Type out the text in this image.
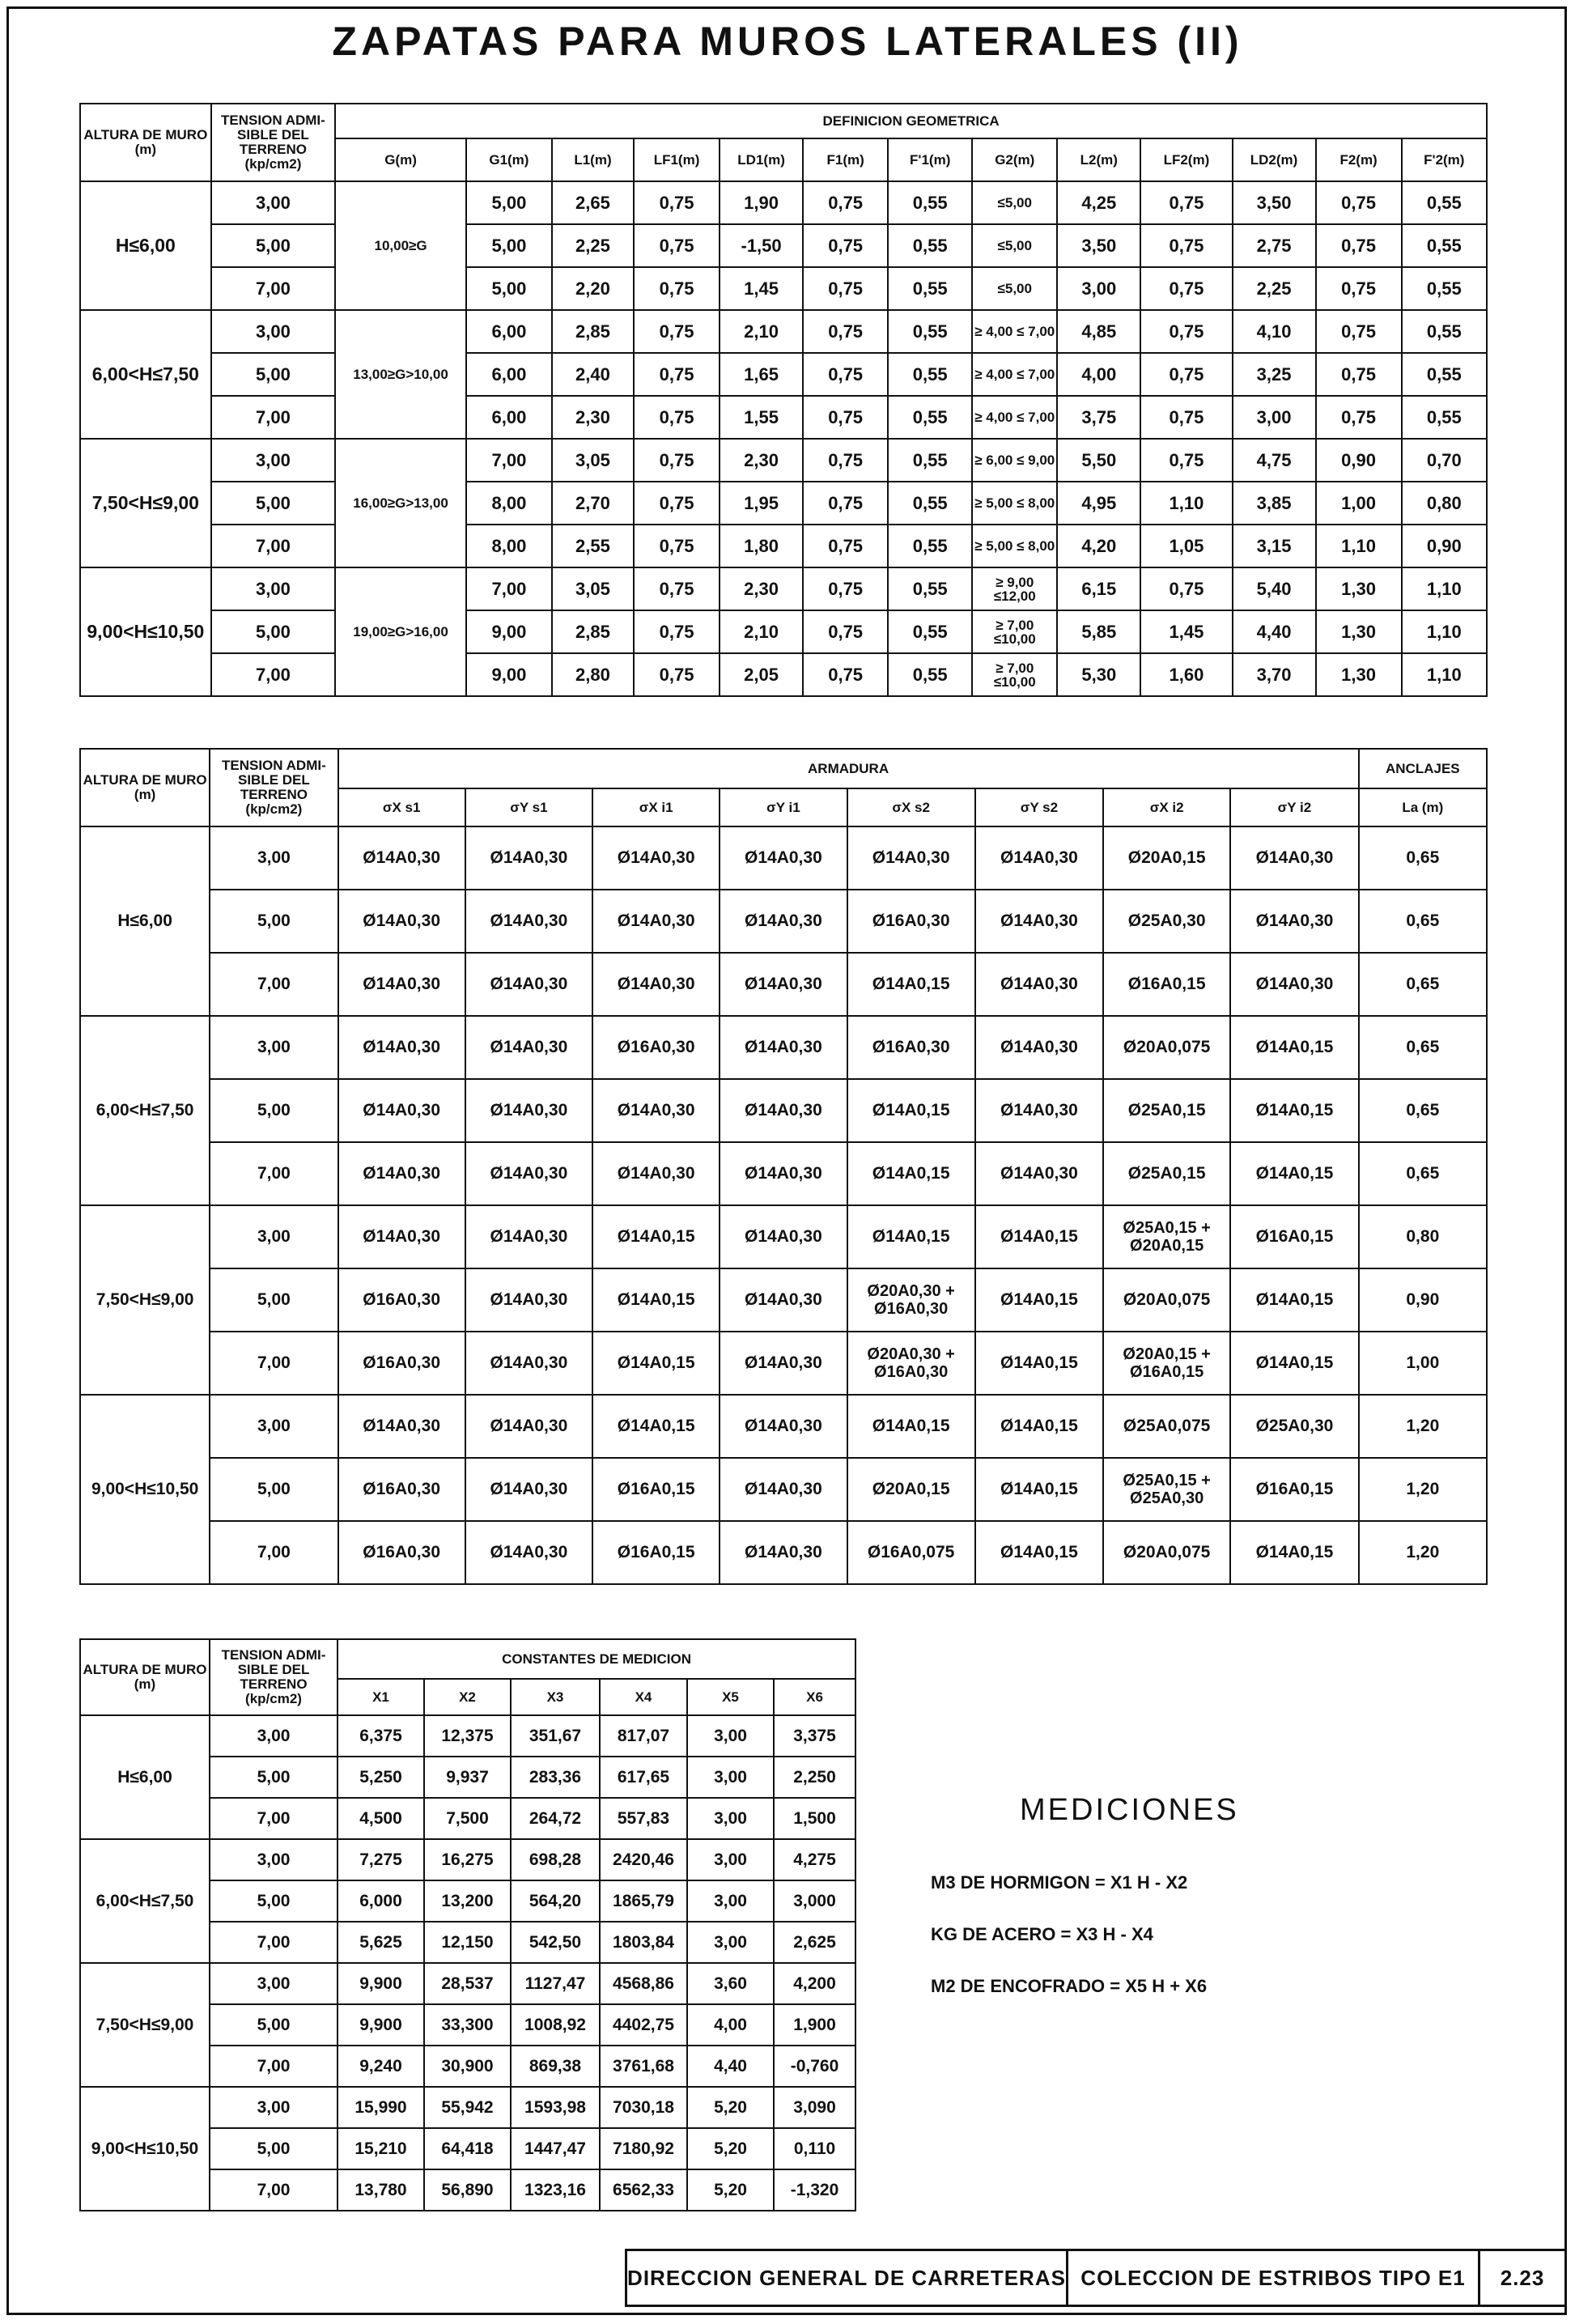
ZAPATAS PARA MUROS LATERALES (II)
ALTURA DE MURO (m)	TENSION ADMI-SIBLE DEL TERRENO (kp/cm2)	DEFINICION GEOMETRICA												
		G(m)	G1(m)	L1(m)	LF1(m)	LD1(m)	F1(m)	F'1(m)	G2(m)	L2(m)	LF2(m)	LD2(m)	F2(m)	F'2(m)
H≤6,00	3,00	10,00≥G	5,00	2,65	0,75	1,90	0,75	0,55	≤5,00	4,25	0,75	3,50	0,75	0,55
	5,00		5,00	2,25	0,75	-1,50	0,75	0,55	≤5,00	3,50	0,75	2,75	0,75	0,55
	7,00		5,00	2,20	0,75	1,45	0,75	0,55	≤5,00	3,00	0,75	2,25	0,75	0,55
6,00<H≤7,50	3,00	13,00≥G>10,00	6,00	2,85	0,75	2,10	0,75	0,55	≥ 4,00 ≤ 7,00	4,85	0,75	4,10	0,75	0,55
	5,00		6,00	2,40	0,75	1,65	0,75	0,55	≥ 4,00 ≤ 7,00	4,00	0,75	3,25	0,75	0,55
	7,00		6,00	2,30	0,75	1,55	0,75	0,55	≥ 4,00 ≤ 7,00	3,75	0,75	3,00	0,75	0,55
7,50<H≤9,00	3,00	16,00≥G>13,00	7,00	3,05	0,75	2,30	0,75	0,55	≥ 6,00 ≤ 9,00	5,50	0,75	4,75	0,90	0,70
	5,00		8,00	2,70	0,75	1,95	0,75	0,55	≥ 5,00 ≤ 8,00	4,95	1,10	3,85	1,00	0,80
	7,00		8,00	2,55	0,75	1,80	0,75	0,55	≥ 5,00 ≤ 8,00	4,20	1,05	3,15	1,10	0,90
9,00<H≤10,50	3,00	19,00≥G>16,00	7,00	3,05	0,75	2,30	0,75	0,55	≥ 9,00 ≤12,00	6,15	0,75	5,40	1,30	1,10
	5,00		9,00	2,85	0,75	2,10	0,75	0,55	≥ 7,00 ≤10,00	5,85	1,45	4,40	1,30	1,10
	7,00		9,00	2,80	0,75	2,05	0,75	0,55	≥ 7,00 ≤10,00	5,30	1,60	3,70	1,30	1,10
ALTURA DE MURO (m)	TENSION ADMI-SIBLE DEL TERRENO (kp/cm2)	ARMADURA								ANCLAJES
		σX s1	σY s1	σX i1	σY i1	σX s2	σY s2	σX i2	σY i2	La (m)
H≤6,00	3,00	Ø14A0,30	Ø14A0,30	Ø14A0,30	Ø14A0,30	Ø14A0,30	Ø14A0,30	Ø20A0,15	Ø14A0,30	0,65
	5,00	Ø14A0,30	Ø14A0,30	Ø14A0,30	Ø14A0,30	Ø16A0,30	Ø14A0,30	Ø25A0,30	Ø14A0,30	0,65
	7,00	Ø14A0,30	Ø14A0,30	Ø14A0,30	Ø14A0,30	Ø14A0,15	Ø14A0,30	Ø16A0,15	Ø14A0,30	0,65
6,00<H≤7,50	3,00	Ø14A0,30	Ø14A0,30	Ø16A0,30	Ø14A0,30	Ø16A0,30	Ø14A0,30	Ø20A0,075	Ø14A0,15	0,65
	5,00	Ø14A0,30	Ø14A0,30	Ø14A0,30	Ø14A0,30	Ø14A0,15	Ø14A0,30	Ø25A0,15	Ø14A0,15	0,65
	7,00	Ø14A0,30	Ø14A0,30	Ø14A0,30	Ø14A0,30	Ø14A0,15	Ø14A0,30	Ø25A0,15	Ø14A0,15	0,65
7,50<H≤9,00	3,00	Ø14A0,30	Ø14A0,30	Ø14A0,15	Ø14A0,30	Ø14A0,15	Ø14A0,15	Ø25A0,15 + Ø20A0,15	Ø16A0,15	0,80
	5,00	Ø16A0,30	Ø14A0,30	Ø14A0,15	Ø14A0,30	Ø20A0,30 + Ø16A0,30	Ø14A0,15	Ø20A0,075	Ø14A0,15	0,90
	7,00	Ø16A0,30	Ø14A0,30	Ø14A0,15	Ø14A0,30	Ø20A0,30 + Ø16A0,30	Ø14A0,15	Ø20A0,15 + Ø16A0,15	Ø14A0,15	1,00
9,00<H≤10,50	3,00	Ø14A0,30	Ø14A0,30	Ø14A0,15	Ø14A0,30	Ø14A0,15	Ø14A0,15	Ø25A0,075	Ø25A0,30	1,20
	5,00	Ø16A0,30	Ø14A0,30	Ø16A0,15	Ø14A0,30	Ø20A0,15	Ø14A0,15	Ø25A0,15 + Ø25A0,30	Ø16A0,15	1,20
	7,00	Ø16A0,30	Ø14A0,30	Ø16A0,15	Ø14A0,30	Ø16A0,075	Ø14A0,15	Ø20A0,075	Ø14A0,15	1,20
ALTURA DE MURO (m)	TENSION ADMI-SIBLE DEL TERRENO (kp/cm2)	CONSTANTES DE MEDICION					
		X1	X2	X3	X4	X5	X6
H≤6,00	3,00	6,375	12,375	351,67	817,07	3,00	3,375
	5,00	5,250	9,937	283,36	617,65	3,00	2,250
	7,00	4,500	7,500	264,72	557,83	3,00	1,500
6,00<H≤7,50	3,00	7,275	16,275	698,28	2420,46	3,00	4,275
	5,00	6,000	13,200	564,20	1865,79	3,00	3,000
	7,00	5,625	12,150	542,50	1803,84	3,00	2,625
7,50<H≤9,00	3,00	9,900	28,537	1127,47	4568,86	3,60	4,200
	5,00	9,900	33,300	1008,92	4402,75	4,00	1,900
	7,00	9,240	30,900	869,38	3761,68	4,40	-0,760
9,00<H≤10,50	3,00	15,990	55,942	1593,98	7030,18	5,20	3,090
	5,00	15,210	64,418	1447,47	7180,92	5,20	0,110
	7,00	13,780	56,890	1323,16	6562,33	5,20	-1,320
MEDICIONES
M3 DE HORMIGON = X1 H - X2
KG DE ACERO = X3 H - X4
M2 DE ENCOFRADO = X5 H + X6
DIRECCION GENERAL DE CARRETERAS COLECCION DE ESTRIBOS TIPO E1	2.23
